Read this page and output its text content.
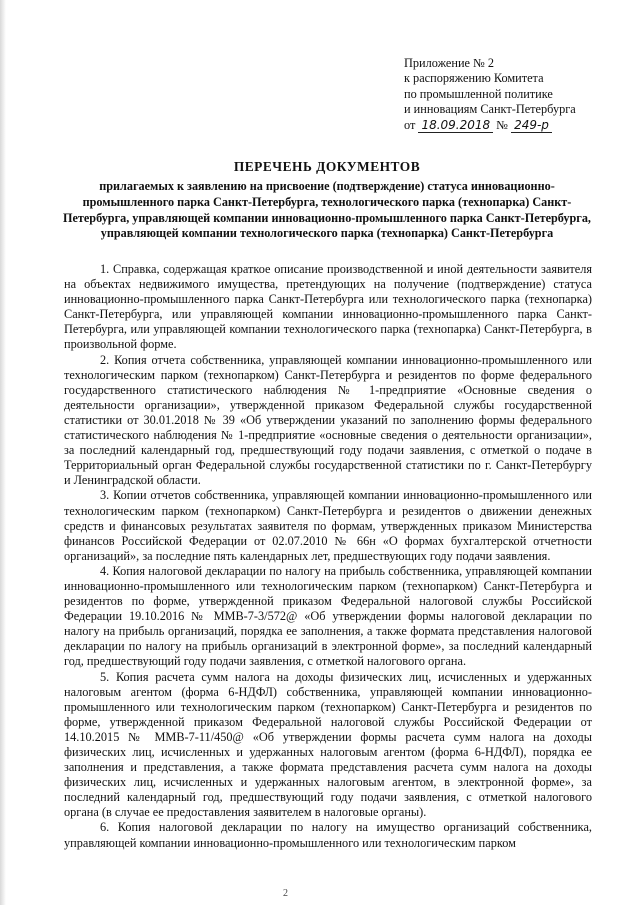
Приложение № 2
к распоряжению Комитета
по промышленной политике
и инновациям Санкт-Петербурга
от 18.09.2018 № 249-р
ПЕРЕЧЕНЬ ДОКУМЕНТОВ
прилагаемых к заявлению на присвоение (подтверждение) статуса инновационно-промышленного парка Санкт-Петербурга, технологического парка (технопарка) Санкт-Петербурга, управляющей компании инновационно-промышленного парка Санкт-Петербурга, управляющей компании технологического парка (технопарка) Санкт-Петербурга

1. Справка, содержащая краткое описание производственной и иной деятельности заявителя на объектах недвижимого имущества, претендующих на получение (подтверждение) статуса инновационно-промышленного парка Санкт-Петербурга или технологического парка (технопарка) Санкт-Петербурга, или управляющей компании инновационно-промышленного парка Санкт-Петербурга, или управляющей компании технологического парка (технопарка) Санкт-Петербурга, в произвольной форме.

2. Копия отчета собственника, управляющей компании инновационно-промышленного или технологическим парком (технопарком) Санкт-Петербурга и резидентов по форме федерального государственного статистического наблюдения № 1-предприятие «Основные сведения о деятельности организации», утвержденной приказом Федеральной службы государственной статистики от 30.01.2018 № 39 «Об утверждении указаний по заполнению формы федерального статистического наблюдения № 1-предприятие «основные сведения о деятельности организации», за последний календарный год, предшествующий году подачи заявления, с отметкой о подаче в Территориальный орган Федеральной службы государственной статистики по г. Санкт-Петербургу и Ленинградской области.

3. Копии отчетов собственника, управляющей компании инновационно-промышленного или технологическим парком (технопарком) Санкт-Петербурга и резидентов о движении денежных средств и финансовых результатах заявителя по формам, утвержденных приказом Министерства финансов Российской Федерации от 02.07.2010 № 66н «О формах бухгалтерской отчетности организаций», за последние пять календарных лет, предшествующих году подачи заявления.

4. Копия налоговой декларации по налогу на прибыль собственника, управляющей компании инновационно-промышленного или технологическим парком (технопарком) Санкт-Петербурга и резидентов по форме, утвержденной приказом Федеральной налоговой службы Российской Федерации 19.10.2016 № ММВ-7-3/572@ «Об утверждении формы налоговой декларации по налогу на прибыль организаций, порядка ее заполнения, а также формата представления налоговой декларации по налогу на прибыль организаций в электронной форме», за последний календарный год, предшествующий году подачи заявления, с отметкой налогового органа.

5. Копия расчета сумм налога на доходы физических лиц, исчисленных и удержанных налоговым агентом (форма 6-НДФЛ) собственника, управляющей компании инновационно-промышленного или технологическим парком (технопарком) Санкт-Петербурга и резидентов по форме, утвержденной приказом Федеральной налоговой службы Российской Федерации от 14.10.2015 № ММВ-7-11/450@ «Об утверждении формы расчета сумм налога на доходы физических лиц, исчисленных и удержанных налоговым агентом (форма 6-НДФЛ), порядка ее заполнения и представления, а также формата представления расчета сумм налога на доходы физических лиц, исчисленных и удержанных налоговым агентом, в электронной форме», за последний календарный год, предшествующий году подачи заявления, с отметкой налогового органа (в случае ее предоставления заявителем в налоговые органы).

6. Копия налоговой декларации по налогу на имущество организаций собственника, управляющей компании инновационно-промышленного или технологическим парком

2
